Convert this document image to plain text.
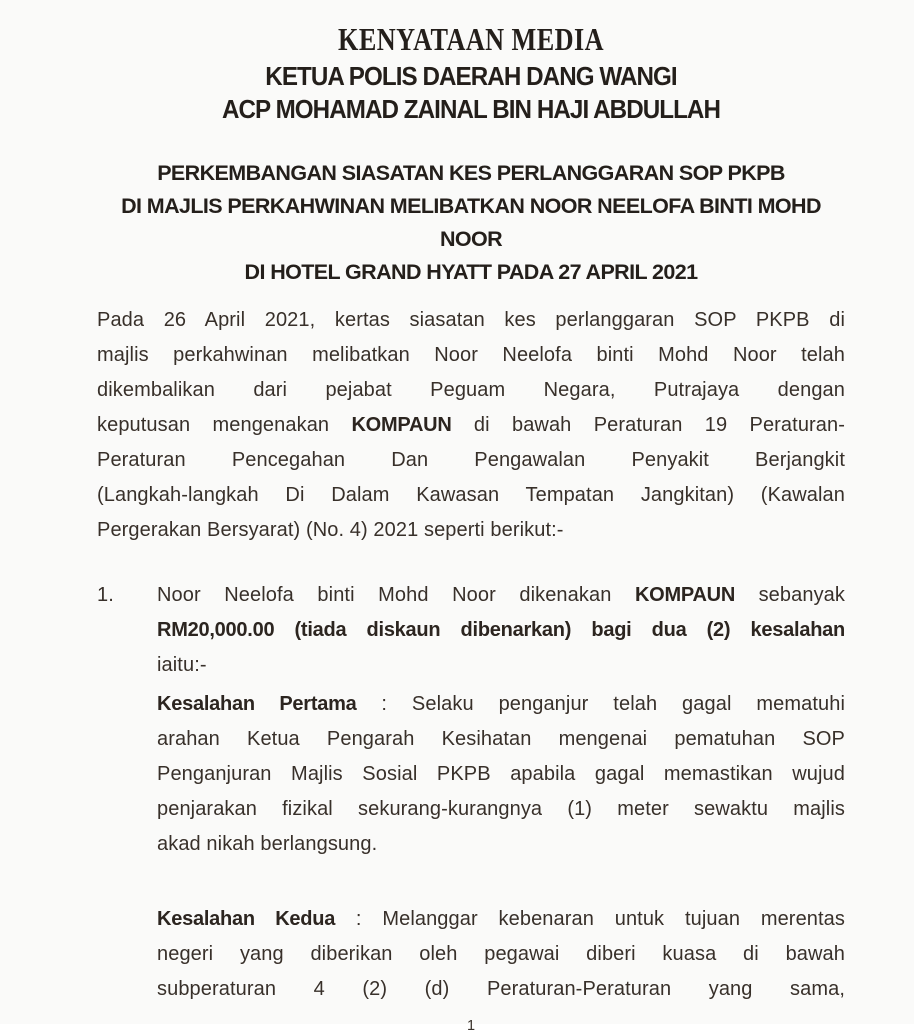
KENYATAAN MEDIA
KETUA POLIS DAERAH DANG WANGI
ACP MOHAMAD ZAINAL BIN HAJI ABDULLAH
PERKEMBANGAN SIASATAN KES PERLANGGARAN SOP PKPB
DI MAJLIS PERKAHWINAN MELIBATKAN NOOR NEELOFA BINTI MOHD NOOR
DI HOTEL GRAND HYATT PADA 27 APRIL 2021
Pada 26 April 2021, kertas siasatan kes perlanggaran SOP PKPB di
majlis perkahwinan melibatkan Noor Neelofa binti Mohd Noor telah
dikembalikan dari pejabat Peguam Negara, Putrajaya dengan
keputusan mengenakan KOMPAUN di bawah Peraturan 19 Peraturan-
Peraturan Pencegahan Dan Pengawalan Penyakit Berjangkit
(Langkah-langkah Di Dalam Kawasan Tempatan Jangkitan) (Kawalan
Pergerakan Bersyarat) (No. 4) 2021 seperti berikut:-
1.	Noor Neelofa binti Mohd Noor dikenakan KOMPAUN sebanyak
RM20,000.00 (tiada diskaun dibenarkan) bagi dua (2) kesalahan
iaitu:-
Kesalahan Pertama : Selaku penganjur telah gagal mematuhi
arahan Ketua Pengarah Kesihatan mengenai pematuhan SOP
Penganjuran Majlis Sosial PKPB apabila gagal memastikan wujud
penjarakan fizikal sekurang-kurangnya (1) meter sewaktu majlis
akad nikah berlangsung.
Kesalahan Kedua : Melanggar kebenaran untuk tujuan merentas
negeri yang diberikan oleh pegawai diberi kuasa di bawah
subperaturan 4 (2) (d) Peraturan-Peraturan yang sama,
1
